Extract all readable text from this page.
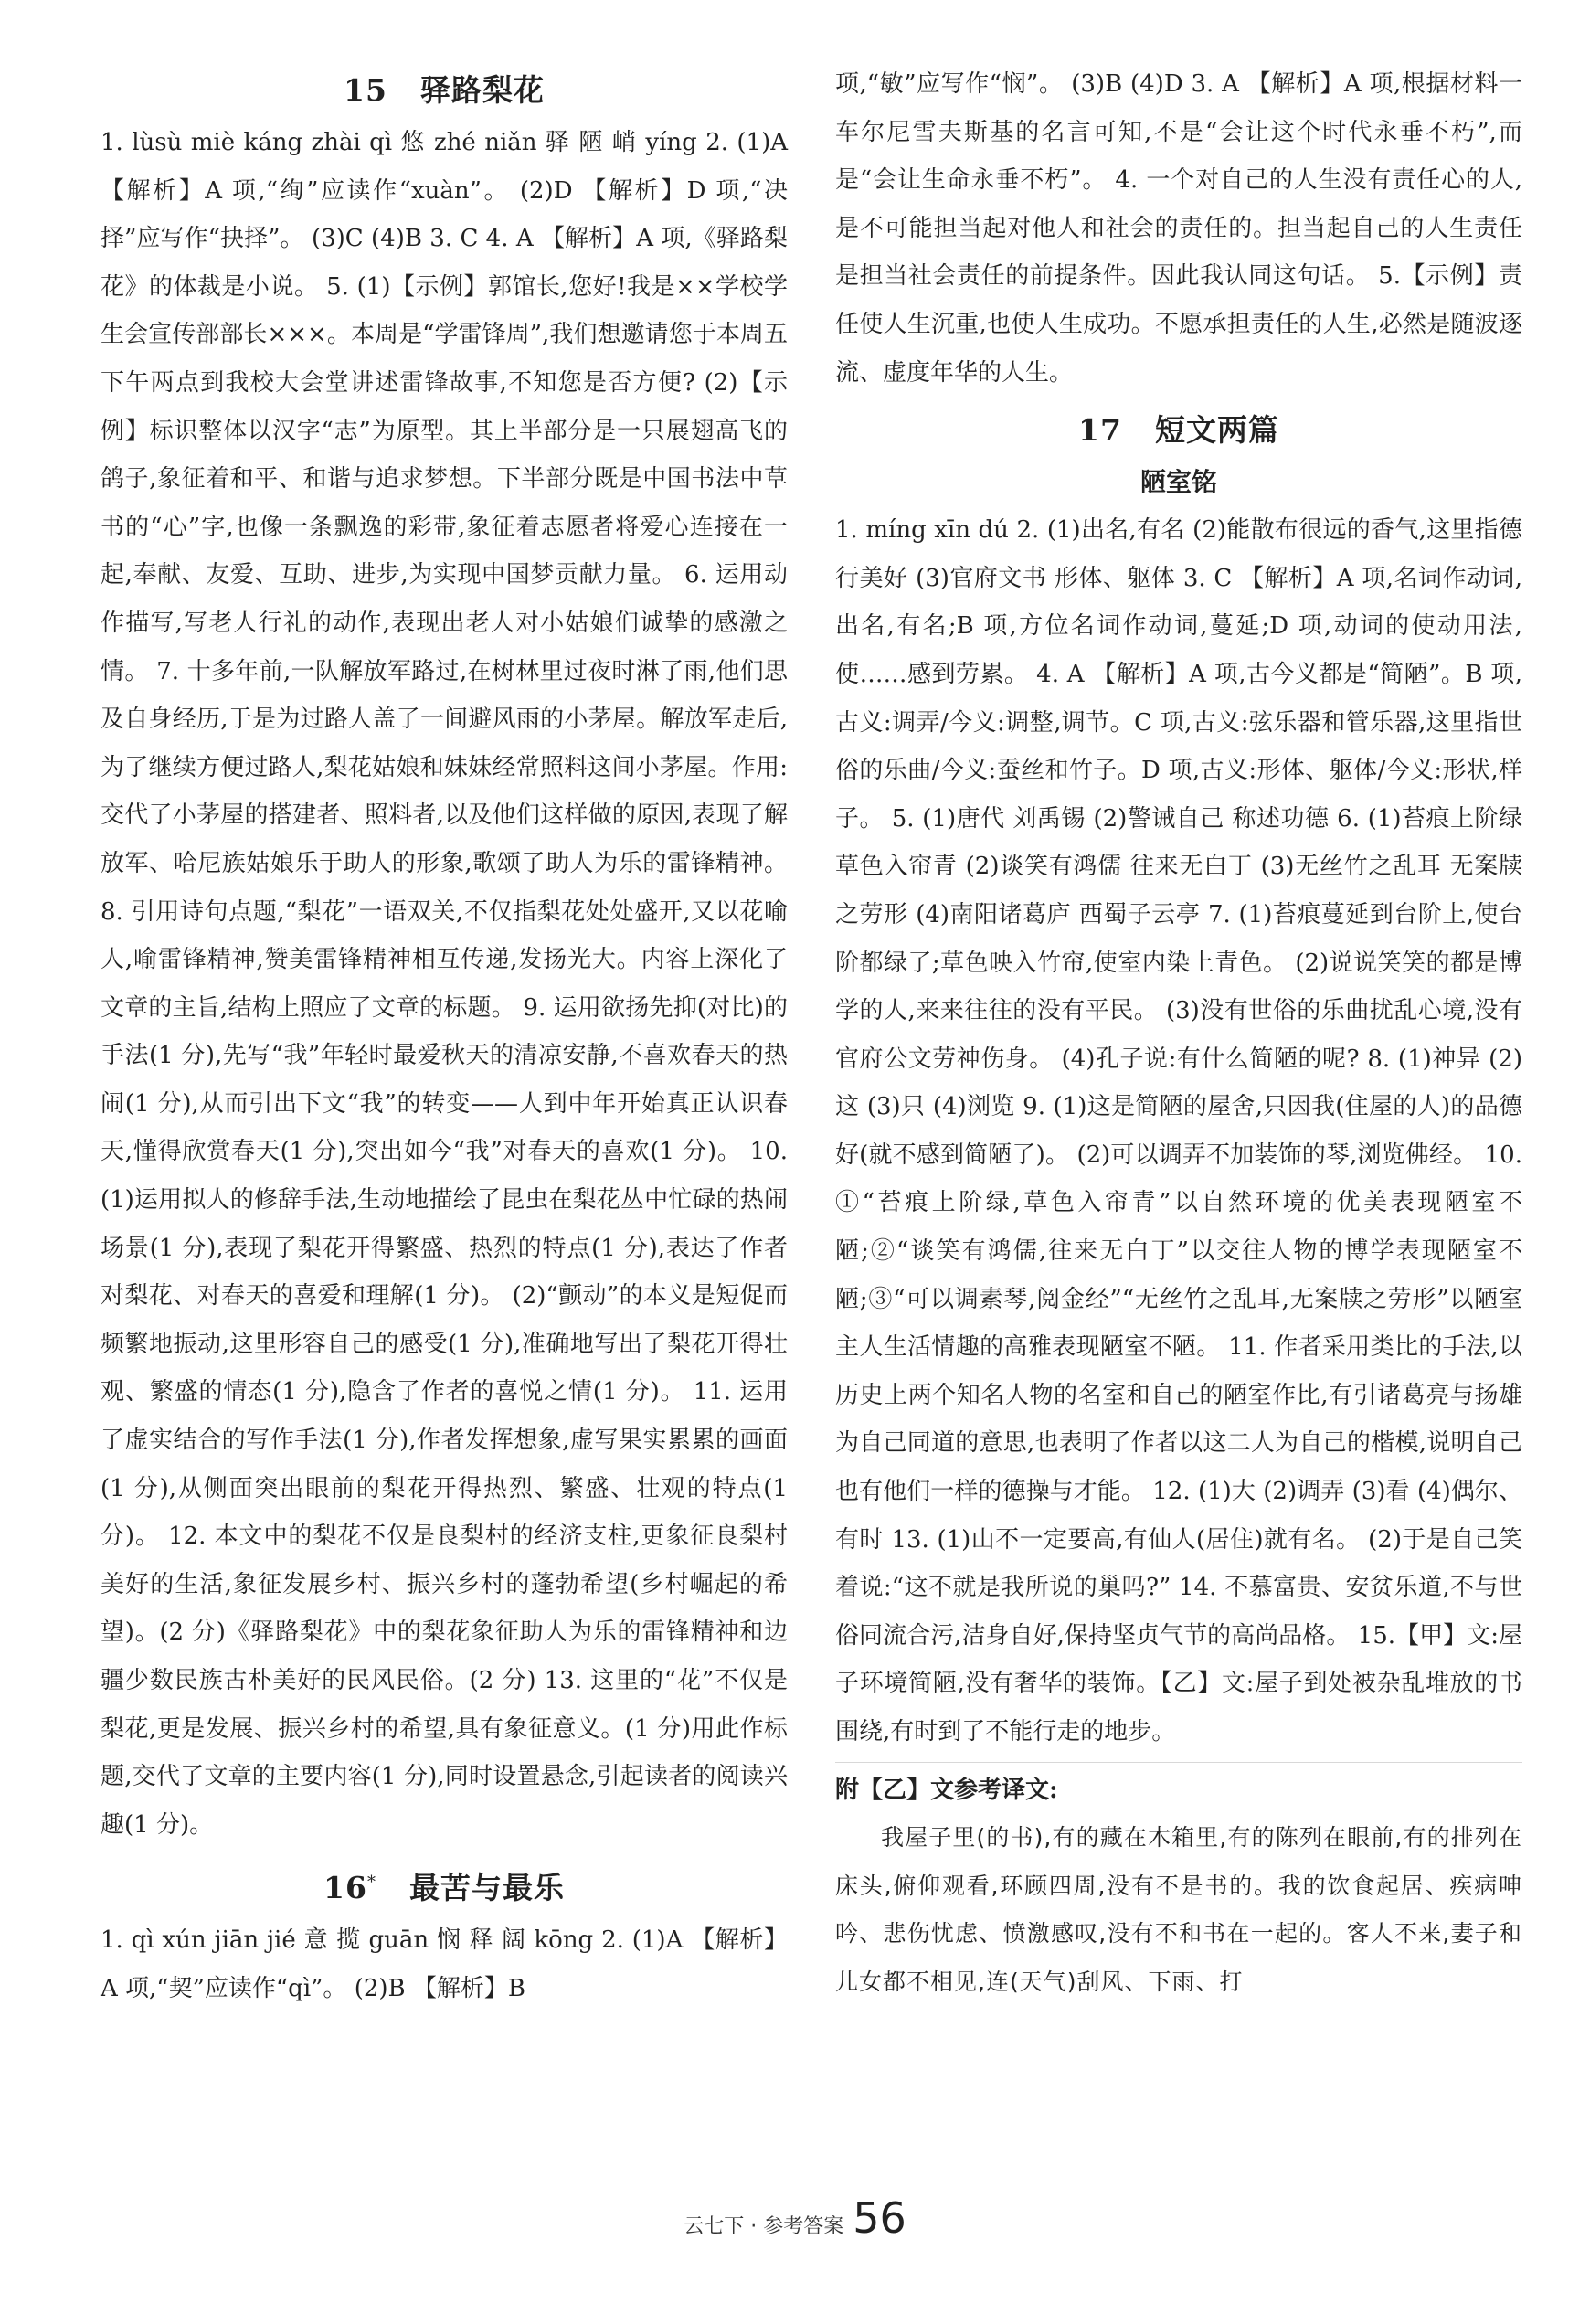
15 驿路梨花

1. lùsù miè káng zhài qì 悠 zhé niǎn 驿 陋 峭 yíng 2. (1)A 【解析】A 项,“绚”应读作“xuàn”。 (2)D 【解析】D 项,“决择”应写作“抉择”。 (3)C (4)B 3. C 4. A 【解析】A 项,《驿路梨花》的体裁是小说。 5. (1)【示例】郭馆长,您好!我是××学校学生会宣传部部长×××。本周是“学雷锋周”,我们想邀请您于本周五下午两点到我校大会堂讲述雷锋故事,不知您是否方便? (2)【示例】标识整体以汉字“志”为原型。其上半部分是一只展翅高飞的鸽子,象征着和平、和谐与追求梦想。下半部分既是中国书法中草书的“心”字,也像一条飘逸的彩带,象征着志愿者将爱心连接在一起,奉献、友爱、互助、进步,为实现中国梦贡献力量。 6. 运用动作描写,写老人行礼的动作,表现出老人对小姑娘们诚挚的感激之情。 7. 十多年前,一队解放军路过,在树林里过夜时淋了雨,他们思及自身经历,于是为过路人盖了一间避风雨的小茅屋。解放军走后,为了继续方便过路人,梨花姑娘和妹妹经常照料这间小茅屋。作用:交代了小茅屋的搭建者、照料者,以及他们这样做的原因,表现了解放军、哈尼族姑娘乐于助人的形象,歌颂了助人为乐的雷锋精神。 8. 引用诗句点题,“梨花”一语双关,不仅指梨花处处盛开,又以花喻人,喻雷锋精神,赞美雷锋精神相互传递,发扬光大。内容上深化了文章的主旨,结构上照应了文章的标题。 9. 运用欲扬先抑(对比)的手法(1 分),先写“我”年轻时最爱秋天的清凉安静,不喜欢春天的热闹(1 分),从而引出下文“我”的转变——人到中年开始真正认识春天,懂得欣赏春天(1 分),突出如今“我”对春天的喜欢(1 分)。 10. (1)运用拟人的修辞手法,生动地描绘了昆虫在梨花丛中忙碌的热闹场景(1 分),表现了梨花开得繁盛、热烈的特点(1 分),表达了作者对梨花、对春天的喜爱和理解(1 分)。 (2)“颤动”的本义是短促而频繁地振动,这里形容自己的感受(1 分),准确地写出了梨花开得壮观、繁盛的情态(1 分),隐含了作者的喜悦之情(1 分)。 11. 运用了虚实结合的写作手法(1 分),作者发挥想象,虚写果实累累的画面(1 分),从侧面突出眼前的梨花开得热烈、繁盛、壮观的特点(1 分)。 12. 本文中的梨花不仅是良梨村的经济支柱,更象征良梨村美好的生活,象征发展乡村、振兴乡村的蓬勃希望(乡村崛起的希望)。(2 分)《驿路梨花》中的梨花象征助人为乐的雷锋精神和边疆少数民族古朴美好的民风民俗。(2 分) 13. 这里的“花”不仅是梨花,更是发展、振兴乡村的希望,具有象征意义。(1 分)用此作标题,交代了文章的主要内容(1 分),同时设置悬念,引起读者的阅读兴趣(1 分)。

16* 最苦与最乐

1. qì xún jiān jié 意 揽 guān 悯 释 阔 kōng 2. (1)A 【解析】A 项,“契”应读作“qì”。 (2)B 【解析】B

项,“敏”应写作“悯”。 (3)B (4)D 3. A 【解析】A 项,根据材料一车尔尼雪夫斯基的名言可知,不是“会让这个时代永垂不朽”,而是“会让生命永垂不朽”。 4. 一个对自己的人生没有责任心的人,是不可能担当起对他人和社会的责任的。担当起自己的人生责任是担当社会责任的前提条件。因此我认同这句话。 5.【示例】责任使人生沉重,也使人生成功。不愿承担责任的人生,必然是随波逐流、虚度年华的人生。

17 短文两篇
陋室铭

1. míng xīn dú 2. (1)出名,有名 (2)能散布很远的香气,这里指德行美好 (3)官府文书 形体、躯体 3. C 【解析】A 项,名词作动词,出名,有名;B 项,方位名词作动词,蔓延;D 项,动词的使动用法,使……感到劳累。 4. A 【解析】A 项,古今义都是“简陋”。B 项,古义:调弄/今义:调整,调节。C 项,古义:弦乐器和管乐器,这里指世俗的乐曲/今义:蚕丝和竹子。D 项,古义:形体、躯体/今义:形状,样子。 5. (1)唐代 刘禹锡 (2)警诫自己 称述功德 6. (1)苔痕上阶绿 草色入帘青 (2)谈笑有鸿儒 往来无白丁 (3)无丝竹之乱耳 无案牍之劳形 (4)南阳诸葛庐 西蜀子云亭 7. (1)苔痕蔓延到台阶上,使台阶都绿了;草色映入竹帘,使室内染上青色。 (2)说说笑笑的都是博学的人,来来往往的没有平民。 (3)没有世俗的乐曲扰乱心境,没有官府公文劳神伤身。 (4)孔子说:有什么简陋的呢? 8. (1)神异 (2)这 (3)只 (4)浏览 9. (1)这是简陋的屋舍,只因我(住屋的人)的品德好(就不感到简陋了)。 (2)可以调弄不加装饰的琴,浏览佛经。 10. ①“苔痕上阶绿,草色入帘青”以自然环境的优美表现陋室不陋;②“谈笑有鸿儒,往来无白丁”以交往人物的博学表现陋室不陋;③“可以调素琴,阅金经”“无丝竹之乱耳,无案牍之劳形”以陋室主人生活情趣的高雅表现陋室不陋。 11. 作者采用类比的手法,以历史上两个知名人物的名室和自己的陋室作比,有引诸葛亮与扬雄为自己同道的意思,也表明了作者以这二人为自己的楷模,说明自己也有他们一样的德操与才能。 12. (1)大 (2)调弄 (3)看 (4)偶尔、有时 13. (1)山不一定要高,有仙人(居住)就有名。 (2)于是自己笑着说:“这不就是我所说的巢吗?” 14. 不慕富贵、安贫乐道,不与世俗同流合污,洁身自好,保持坚贞气节的高尚品格。 15.【甲】文:屋子环境简陋,没有奢华的装饰。【乙】文:屋子到处被杂乱堆放的书围绕,有时到了不能行走的地步。

附【乙】文参考译文:

我屋子里(的书),有的藏在木箱里,有的陈列在眼前,有的排列在床头,俯仰观看,环顾四周,没有不是书的。我的饮食起居、疾病呻吟、悲伤忧虑、愤激感叹,没有不和书在一起的。客人不来,妻子和儿女都不相见,连(天气)刮风、下雨、打

云七下 · 参考答案 56
